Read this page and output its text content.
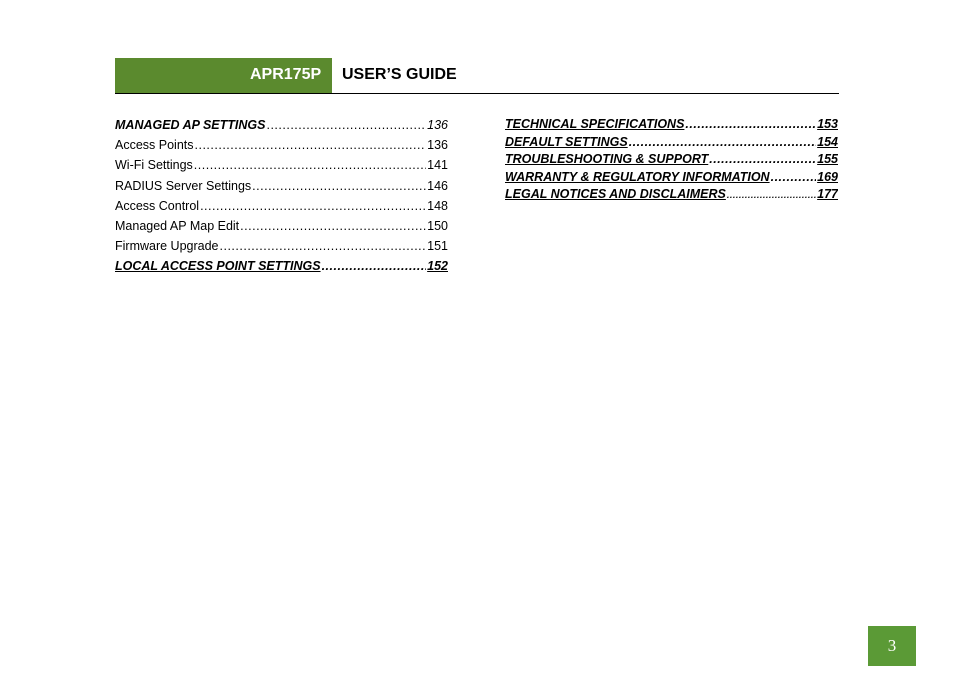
APR175P USER’S GUIDE
MANAGED AP SETTINGS .....	136
Access Points .....	136
Wi-Fi Settings .....	141
RADIUS Server Settings .....	146
Access Control .....	148
Managed AP Map Edit .....	150
Firmware Upgrade .....	151
LOCAL ACCESS POINT SETTINGS .....	152
TECHNICAL SPECIFICATIONS .....	153
DEFAULT SETTINGS .....	154
TROUBLESHOOTING & SUPPORT .....	155
WARRANTY & REGULATORY INFORMATION .....	169
LEGAL NOTICES AND DISCLAIMERS .....	177
3
